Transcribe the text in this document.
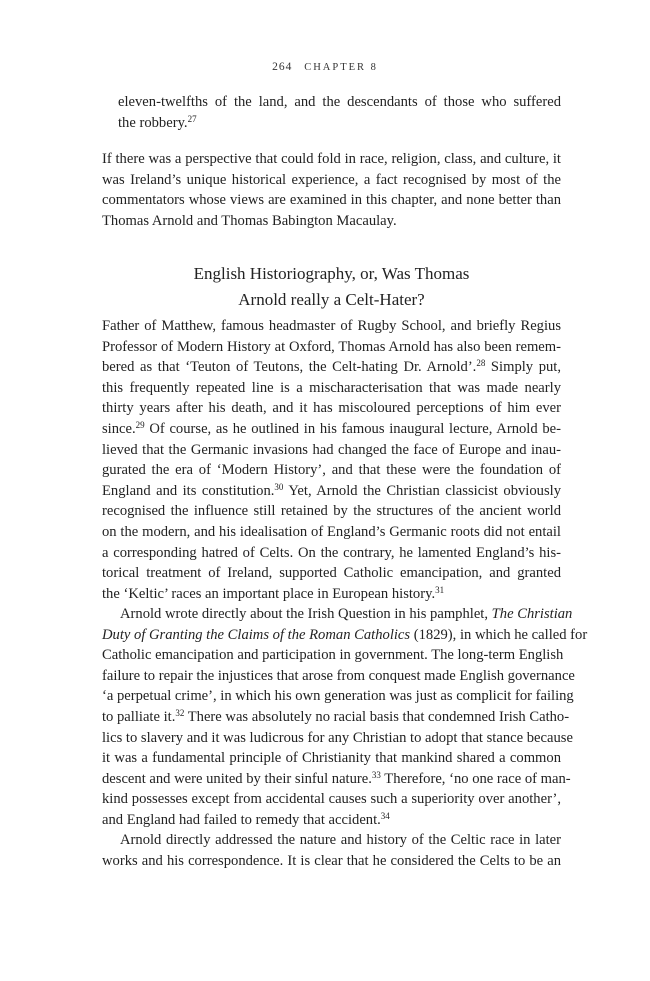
264 CHAPTER 8
eleven-twelfths of the land, and the descendants of those who suffered
the robbery.$^{27}$
If there was a perspective that could fold in race, religion, class, and culture, it
was Ireland’s unique historical experience, a fact recognised by most of the
commentators whose views are examined in this chapter, and none better than
Thomas Arnold and Thomas Babington Macaulay.
English Historiography, or, Was Thomas
Arnold really a Celt-Hater?
Father of Matthew, famous headmaster of Rugby School, and briefly Regius
Professor of Modern History at Oxford, Thomas Arnold has also been remem-
bered as that ‘Teuton of Teutons, the Celt-hating Dr. Arnold’.$^{28}$ Simply put,
this frequently repeated line is a mischaracterisation that was made nearly
thirty years after his death, and it has miscoloured perceptions of him ever
since.$^{29}$ Of course, as he outlined in his famous inaugural lecture, Arnold be-
lieved that the Germanic invasions had changed the face of Europe and inau-
gurated the era of ‘Modern History’, and that these were the foundation of
England and its constitution.$^{30}$ Yet, Arnold the Christian classicist obviously
recognised the influence still retained by the structures of the ancient world
on the modern, and his idealisation of England’s Germanic roots did not entail
a corresponding hatred of Celts. On the contrary, he lamented England’s his-
torical treatment of Ireland, supported Catholic emancipation, and granted
the ‘Keltic’ races an important place in European history.$^{31}$
Arnold wrote directly about the Irish Question in his pamphlet, The Christian
Duty of Granting the Claims of the Roman Catholics (1829), in which he called for
Catholic emancipation and participation in government. The long-term English
failure to repair the injustices that arose from conquest made English governance
‘a perpetual crime’, in which his own generation was just as complicit for failing
to palliate it.$^{32}$ There was absolutely no racial basis that condemned Irish Catho-
lics to slavery and it was ludicrous for any Christian to adopt that stance because
it was a fundamental principle of Christianity that mankind shared a common
descent and were united by their sinful nature.$^{33}$ Therefore, ‘no one race of man-
kind possesses except from accidental causes such a superiority over another’,
and England had failed to remedy that accident.$^{34}$
Arnold directly addressed the nature and history of the Celtic race in later
works and his correspondence. It is clear that he considered the Celts to be an
